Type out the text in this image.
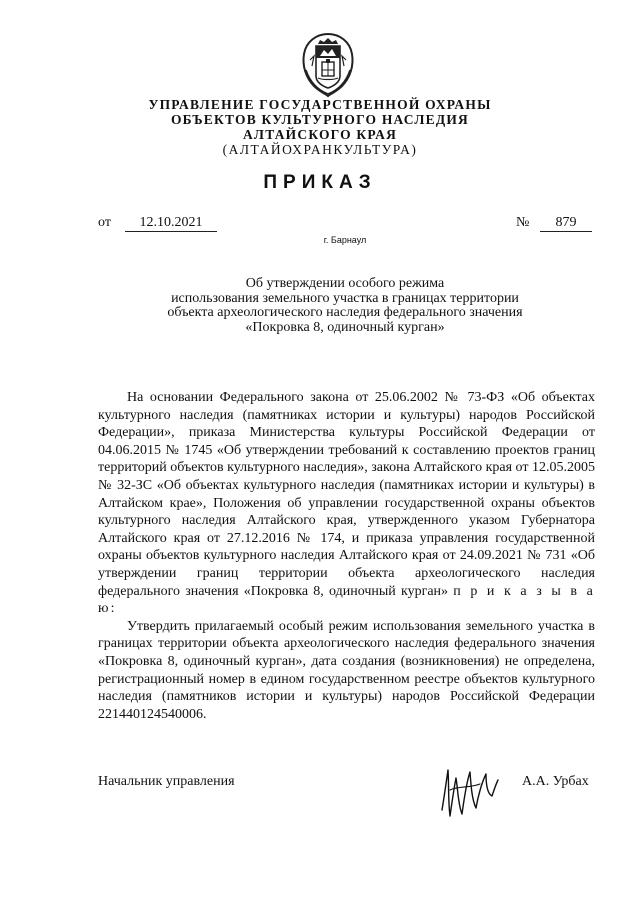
УПРАВЛЕНИЕ ГОСУДАРСТВЕННОЙ ОХРАНЫ
ОБЪЕКТОВ КУЛЬТУРНОГО НАСЛЕДИЯ
АЛТАЙСКОГО КРАЯ
(АЛТАЙОХРАНКУЛЬТУРА)
ПРИКАЗ
от	12.10.2021	№	879
г. Барнаул
Об утверждении особого режима
использования земельного участка в границах территории
объекта археологического наследия федерального значения
«Покровка 8, одиночный курган»

На основании Федерального закона от 25.06.2002 № 73-ФЗ «Об объектах культурного наследия (памятниках истории и культуры) народов Российской Федерации», приказа Министерства культуры Российской Федерации от 04.06.2015 № 1745 «Об утверждении требований к составлению проектов границ территорий объектов культурного наследия», закона Алтайского края от 12.05.2005 № 32-ЗС «Об объектах культурного наследия (памятниках истории и культуры) в Алтайском крае», Положения об управлении государственной охраны объектов культурного наследия Алтайского края, утвержденного указом Губернатора Алтайского края от 27.12.2016 № 174, и приказа управления государственной охраны объектов культурного наследия Алтайского края от 24.09.2021 № 731 «Об утверждении границ территории объекта археологического наследия федерального значения «Покровка 8, одиночный курган» п р и к а з ы в а ю:

Утвердить прилагаемый особый режим использования земельного участка в границах территории объекта археологического наследия федерального значения «Покровка 8, одиночный курган», дата создания (возникновения) не определена, регистрационный номер в едином государственном реестре объектов культурного наследия (памятников истории и культуры) народов Российской Федерации 221440124540006.

Начальник управления	А.А. Урбах
